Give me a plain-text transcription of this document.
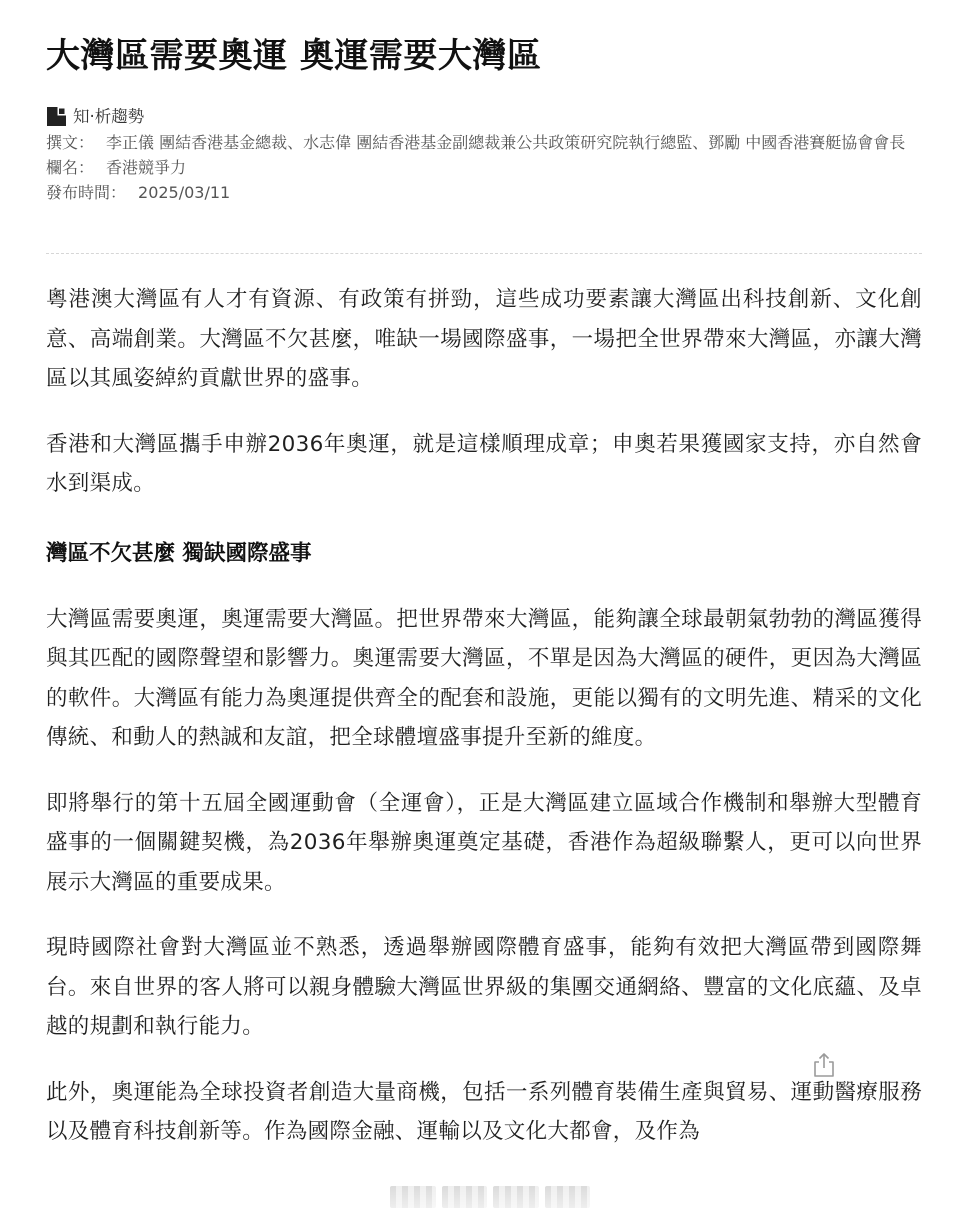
大灣區需要奧運 奧運需要大灣區
知·析趨勢
撰文： 李正儀 團結香港基金總裁、水志偉 團結香港基金副總裁兼公共政策研究院執行總監、鄧勵 中國香港賽艇協會會長
欄名： 香港競爭力
發布時間： 2025/03/11

粵港澳大灣區有人才有資源、有政策有拼勁，這些成功要素讓大灣區出科技創新、文化創意、高端創業。大灣區不欠甚麼，唯缺一場國際盛事，一場把全世界帶來大灣區，亦讓大灣區以其風姿綽約貢獻世界的盛事。

香港和大灣區攜手申辦2036年奧運，就是這樣順理成章；申奧若果獲國家支持，亦自然會水到渠成。

灣區不欠甚麼 獨缺國際盛事

大灣區需要奧運，奧運需要大灣區。把世界帶來大灣區，能夠讓全球最朝氣勃勃的灣區獲得與其匹配的國際聲望和影響力。奧運需要大灣區，不單是因為大灣區的硬件，更因為大灣區的軟件。大灣區有能力為奧運提供齊全的配套和設施，更能以獨有的文明先進、精采的文化傳統、和動人的熱誠和友誼，把全球體壇盛事提升至新的維度。

即將舉行的第十五屆全國運動會（全運會），正是大灣區建立區域合作機制和舉辦大型體育盛事的一個關鍵契機，為2036年舉辦奧運奠定基礎，香港作為超級聯繫人，更可以向世界展示大灣區的重要成果。

現時國際社會對大灣區並不熟悉，透過舉辦國際體育盛事，能夠有效把大灣區帶到國際舞台。來自世界的客人將可以親身體驗大灣區世界級的集團交通網絡、豐富的文化底蘊、及卓越的規劃和執行能力。

此外，奧運能為全球投資者創造大量商機，包括一系列體育裝備生產與貿易、運動醫療服務以及體育科技創新等。作為國際金融、運輸以及文化大都會，及作為
